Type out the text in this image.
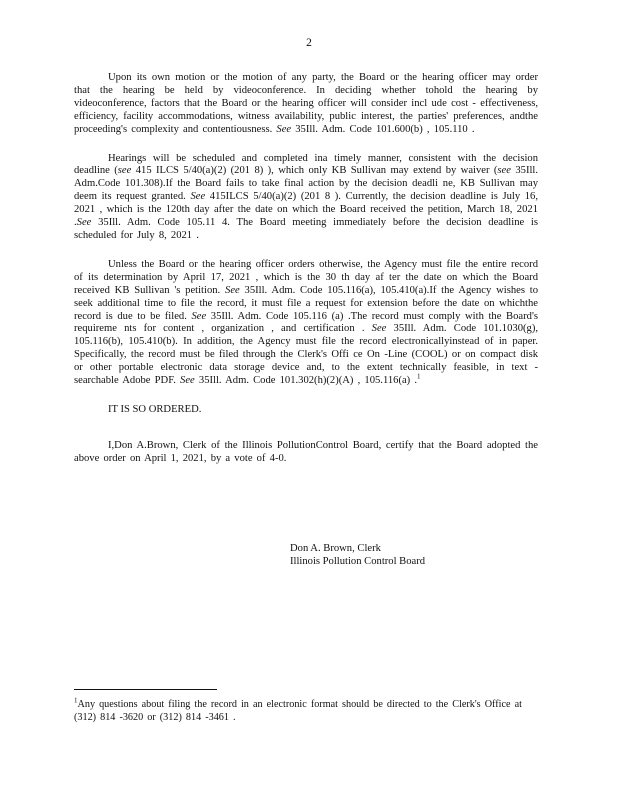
2

Upon its own motion or the motion of any party, the Board or the hearing officer may order that the hearing be held by videoconference. In deciding whether tohold the hearing by videoconference, factors that the Board or the hearing officer will consider incl ude cost - effectiveness, efficiency, facility accommodations, witness availability, public interest, the parties' preferences, andthe proceeding's complexity and contentiousness. See 35Ill. Adm. Code 101.600(b) , 105.110 .

Hearings will be scheduled and completed ina timely manner, consistent with the decision deadline (see 415 ILCS 5/40(a)(2) (201 8) ), which only KB Sullivan may extend by waiver (see 35Ill. Adm.Code 101.308).If the Board fails to take final action by the decision deadli ne, KB Sullivan may deem its request granted. See 415ILCS 5/40(a)(2) (201 8 ). Currently, the decision deadline is July 16, 2021 , which is the 120th day after the date on which the Board received the petition, March 18, 2021 .See 35Ill. Adm. Code 105.11 4. The Board meeting immediately before the decision deadline is scheduled for July 8, 2021 .

Unless the Board or the hearing officer orders otherwise, the Agency must file the entire record of its determination by April 17, 2021 , which is the 30 th day af ter the date on which the Board received KB Sullivan 's petition. See 35Ill. Adm. Code 105.116(a), 105.410(a).If the Agency wishes to seek additional time to file the record, it must file a request for extension before the date on whichthe record is due to be filed. See 35Ill. Adm. Code 105.116 (a) .The record must comply with the Board's requireme nts for content , organization , and certification . See 35Ill. Adm. Code 101.1030(g), 105.116(b), 105.410(b). In addition, the Agency must file the record electronicallyinstead of in paper. Specifically, the record must be filed through the Clerk's Offi ce On -Line (COOL) or on compact disk or other portable electronic data storage device and, to the extent technically feasible, in text - searchable Adobe PDF. See 35Ill. Adm. Code 101.302(h)(2)(A) , 105.116(a) .$^1$

IT IS SO ORDERED.

I,Don A.Brown, Clerk of the Illinois PollutionControl Board, certify that the Board adopted the above order on April 1, 2021, by a vote of 4-0.

Don A. Brown, Clerk
Illinois Pollution Control Board
$^1$Any questions about filing the record in an electronic format should be directed to the Clerk's Office at (312) 814 -3620 or (312) 814 -3461 .
